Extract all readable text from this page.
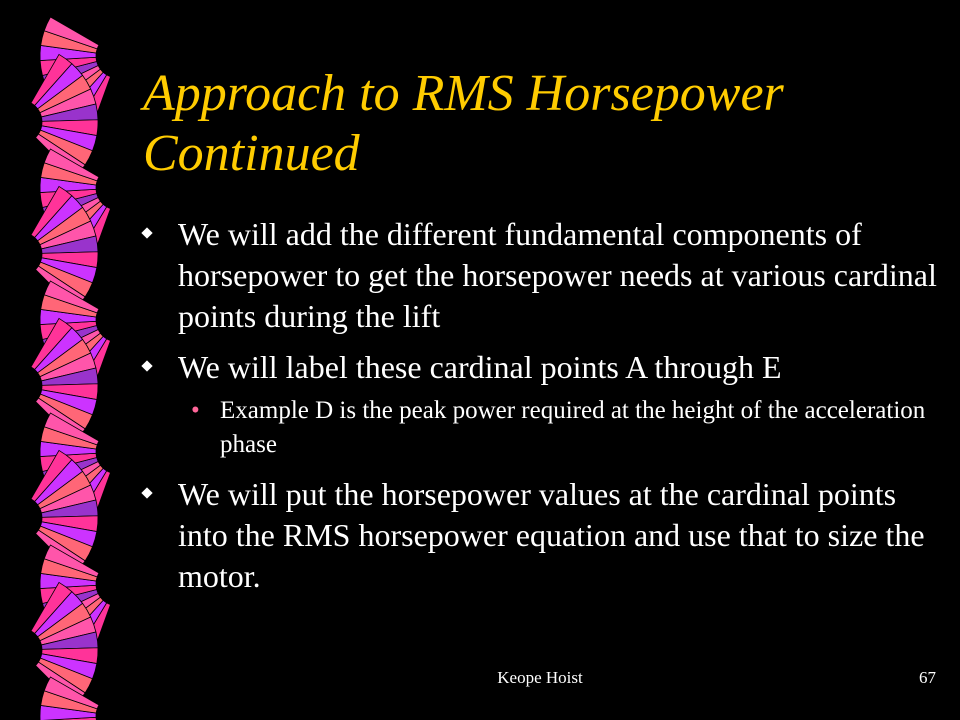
Approach to RMS Horsepower
Continued
We will add the different fundamental components of horsepower to get the horsepower needs at various cardinal points during the lift
We will label these cardinal points A through E
• Example D is the peak power required at the height of the acceleration phase
We will put the horsepower values at the cardinal points into the RMS horsepower equation and use that to size the motor.
Keope Hoist	67
